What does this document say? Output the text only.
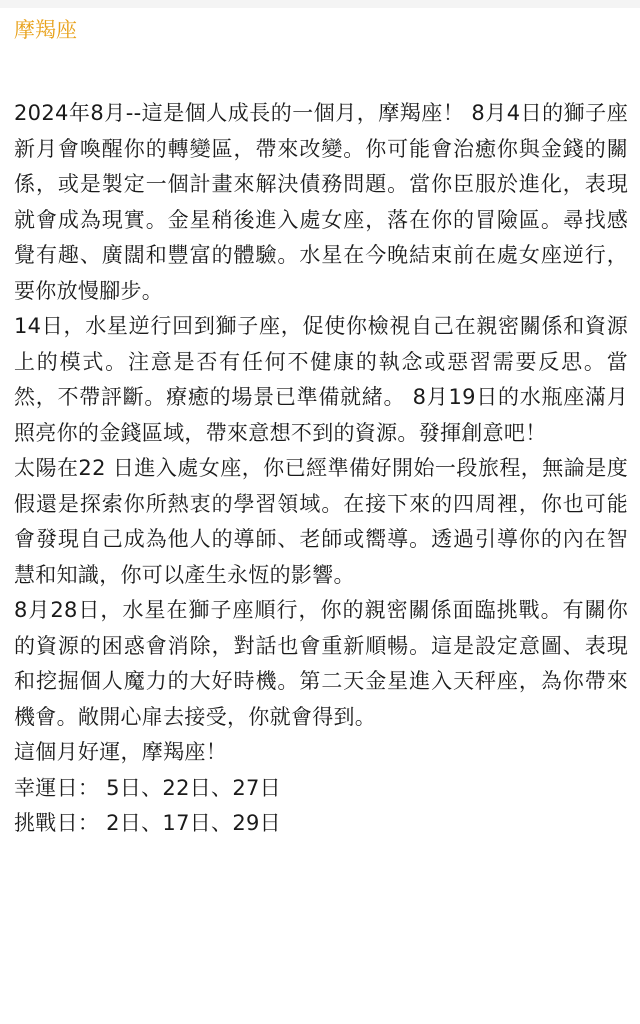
摩羯座

2024年8月--這是個人成長的一個月，摩羯座！ 8月4日的獅子座新月會喚醒你的轉變區，帶來改變。你可能會治癒你與金錢的關係，或是製定一個計畫來解決債務問題。當你臣服於進化，表現就會成為現實。金星稍後進入處女座，落在你的冒險區。尋找感覺有趣、廣闊和豐富的體驗。水星在今晚結束前在處女座逆行，要你放慢腳步。

14日，水星逆行回到獅子座，促使你檢視自己在親密關係和資源上的模式。注意是否有任何不健康的執念或惡習需要反思。當然，不帶評斷。療癒的場景已準備就緒。 8月19日的水瓶座滿月照亮你的金錢區域，帶來意想不到的資源。發揮創意吧！

太陽在22 日進入處女座，你已經準備好開始一段旅程，無論是度假還是探索你所熱衷的學習領域。在接下來的四周裡，你也可能會發現自己成為他人的導師、老師或嚮導。透過引導你的內在智慧和知識，你可以產生永恆的影響。

8月28日，水星在獅子座順行，你的親密關係面臨挑戰。有關你的資源的困惑會消除，對話也會重新順暢。這是設定意圖、表現和挖掘個人魔力的大好時機。第二天金星進入天秤座，為你帶來機會。敞開心扉去接受，你就會得到。

這個月好運，摩羯座！

幸運日： 5日、22日、27日

挑戰日： 2日、17日、29日
